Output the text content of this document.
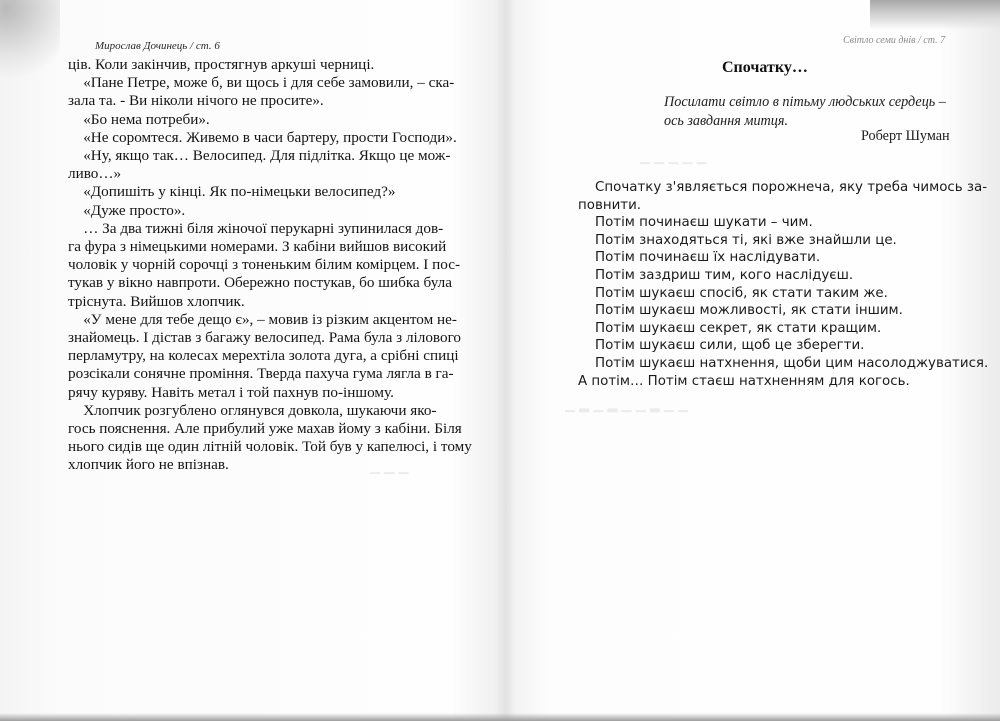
▁ ▂ ▁ ▂ ▁ ▁ ▂ ▁ ▁
▁ ▁ ▁ ▁ ▁
▁ ▁ ▁
Мирослав Дочинець / ст. 6
ців. Коли закінчив, простягнув аркуші черниці.
«Пане Петре, може б, ви щось і для себе замовили, – ска-
зала та. - Ви ніколи нічого не просите».
«Бо нема потреби».
«Не соромтеся. Живемо в часи бартеру, прости Господи».
«Ну, якщо так… Велосипед. Для підлітка. Якщо це мож-
ливо…»
«Допишіть у кінці. Як по-німецьки велосипед?»
«Дуже просто».
… За два тижні біля жіночої перукарні зупинилася дов-
га фура з німецькими номерами. З кабіни вийшов високий
чоловік у чорній сорочці з тоненьким білим комірцем. І пос-
тукав у вікно навпроти. Обережно постукав, бо шибка була
тріснута. Вийшов хлопчик.
«У мене для тебе дещо є», – мовив із різким акцентом не-
знайомець. І дістав з багажу велосипед. Рама була з лілового
перламутру, на колесах мерехтіла золота дуга, а срібні спиці
розсікали сонячне проміння. Тверда пахуча гума лягла в га-
рячу куряву. Навіть метал і той пахнув по-іншому.
Хлопчик розгублено оглянувся довкола, шукаючи яко-
гось пояснення. Але прибулий уже махав йому з кабіни. Біля
нього сидів ще один літній чоловік. Той був у капелюсі, і тому
хлопчик його не впізнав.
Світло семи днів / ст. 7
Спочатку…
Посилати світло в пітьму людських сердець –
ось завдання митця.
Роберт Шуман
Спочатку з'являється порожнеча, яку треба чимось за-
повнити.
Потім починаєш шукати – чим.
Потім знаходяться ті, які вже знайшли це.
Потім починаєш їх наслідувати.
Потім заздриш тим, кого наслідуєш.
Потім шукаєш спосіб, як стати таким же.
Потім шукаєш можливості, як стати іншим.
Потім шукаєш секрет, як стати кращим.
Потім шукаєш сили, щоб це зберегти.
Потім шукаєш натхнення, щоби цим насолоджуватися.
А потім… Потім стаєш натхненням для когось.
